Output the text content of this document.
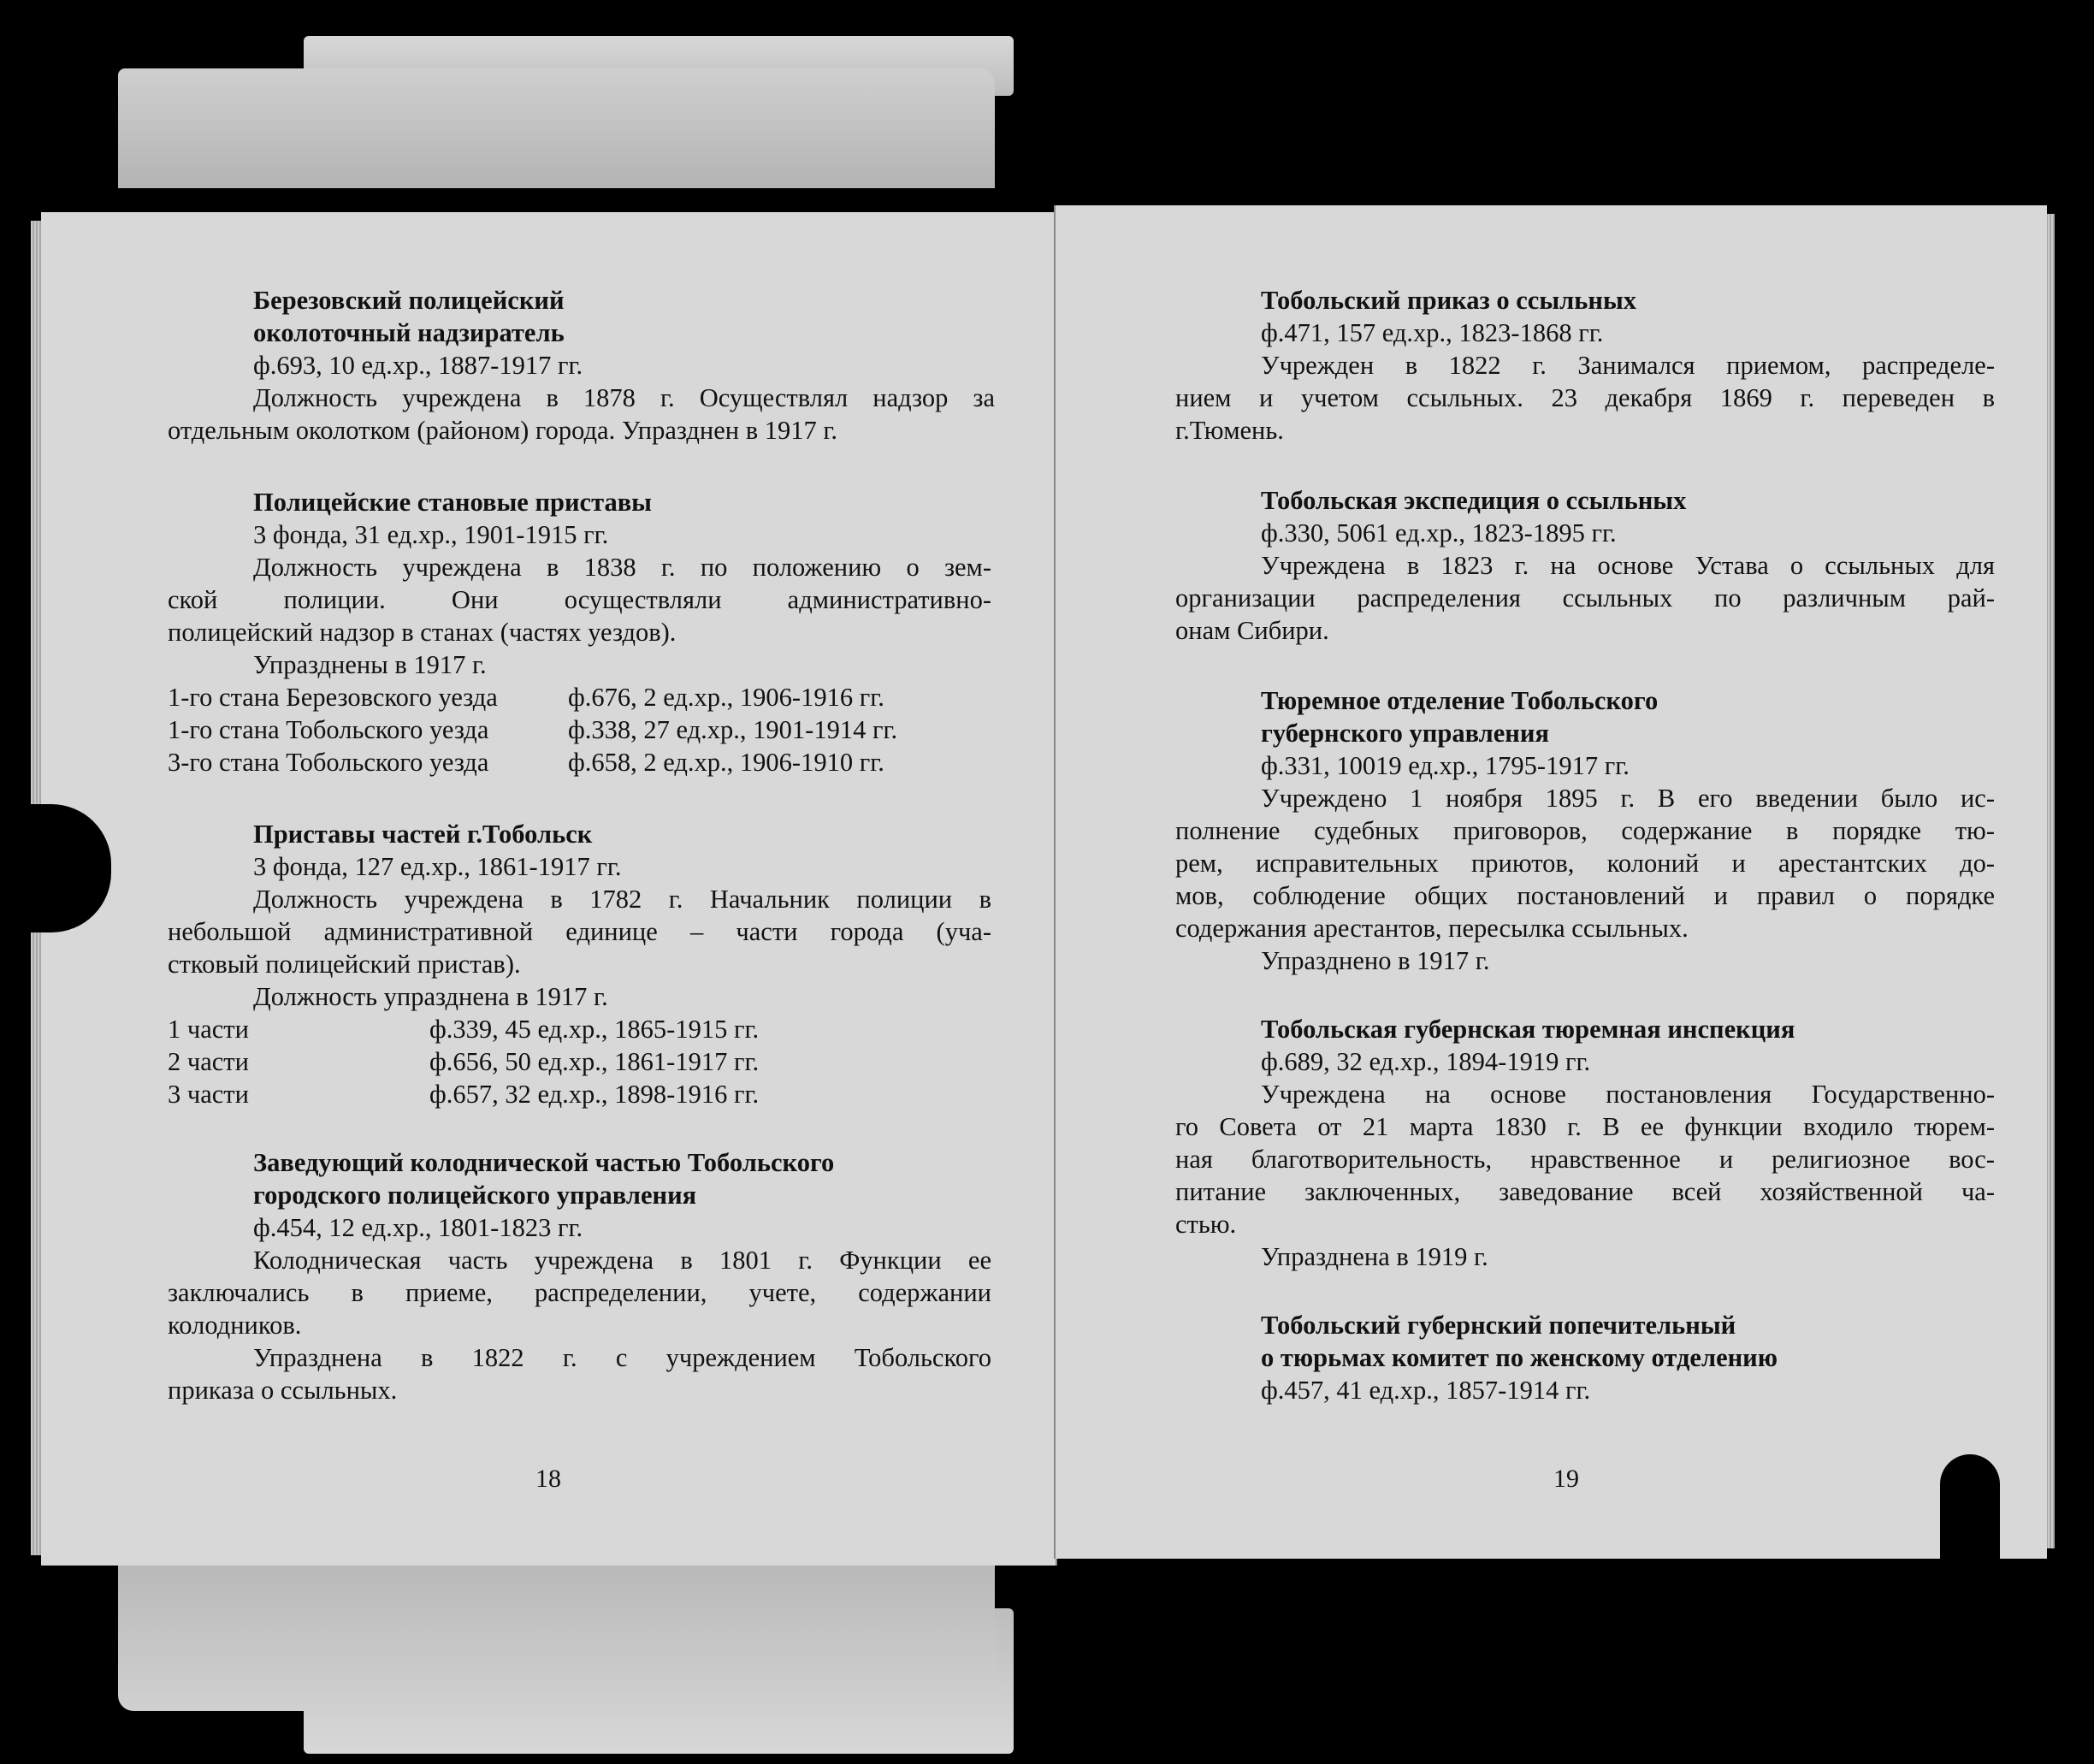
Березовский полицейский
околоточный надзиратель
ф.693, 10 ед.хр., 1887-1917 гг.
Должность учреждена в 1878 г. Осуществлял надзор за
отдельным околотком (районом) города. Упразднен в 1917 г.
Полицейские становые приставы
3 фонда, 31 ед.хр., 1901-1915 гг.
Должность учреждена в 1838 г. по положению о зем-
ской полиции. Они осуществляли административно-
полицейский надзор в станах (частях уездов).
Упразднены в 1917 г.
1-го стана Березовского уезда	ф.676, 2 ед.хр., 1906-1916 гг.
1-го стана Тобольского уезда	ф.338, 27 ед.хр., 1901-1914 гг.
3-го стана Тобольского уезда	ф.658, 2 ед.хр., 1906-1910 гг.
Приставы частей г.Тобольск
3 фонда, 127 ед.хр., 1861-1917 гг.
Должность учреждена в 1782 г. Начальник полиции в
небольшой административной единице – части города (уча-
стковый полицейский пристав).
Должность упразднена в 1917 г.
1 части	ф.339, 45 ед.хр., 1865-1915 гг.
2 части	ф.656, 50 ед.хр., 1861-1917 гг.
3 части	ф.657, 32 ед.хр., 1898-1916 гг.
Заведующий колоднической частью Тобольского
городского полицейского управления
ф.454, 12 ед.хр., 1801-1823 гг.
Колодническая часть учреждена в 1801 г. Функции ее
заключались в приеме, распределении, учете, содержании
колодников.
Упразднена в 1822 г. с учреждением Тобольского
приказа о ссыльных.
18
Тобольский приказ о ссыльных
ф.471, 157 ед.хр., 1823-1868 гг.
Учрежден в 1822 г. Занимался приемом, распределе-
нием и учетом ссыльных. 23 декабря 1869 г. переведен в
г.Тюмень.
Тобольская экспедиция о ссыльных
ф.330, 5061 ед.хр., 1823-1895 гг.
Учреждена в 1823 г. на основе Устава о ссыльных для
организации распределения ссыльных по различным рай-
онам Сибири.
Тюремное отделение Тобольского
губернского управления
ф.331, 10019 ед.хр., 1795-1917 гг.
Учреждено 1 ноября 1895 г. В его введении было ис-
полнение судебных приговоров, содержание в порядке тю-
рем, исправительных приютов, колоний и арестантских до-
мов, соблюдение общих постановлений и правил о порядке
содержания арестантов, пересылка ссыльных.
Упразднено в 1917 г.
Тобольская губернская тюремная инспекция
ф.689, 32 ед.хр., 1894-1919 гг.
Учреждена на основе постановления Государственно-
го Совета от 21 марта 1830 г. В ее функции входило тюрем-
ная благотворительность, нравственное и религиозное вос-
питание заключенных, заведование всей хозяйственной ча-
стью.
Упразднена в 1919 г.
Тобольский губернский попечительный
о тюрьмах комитет по женскому отделению
ф.457, 41 ед.хр., 1857-1914 гг.
19
